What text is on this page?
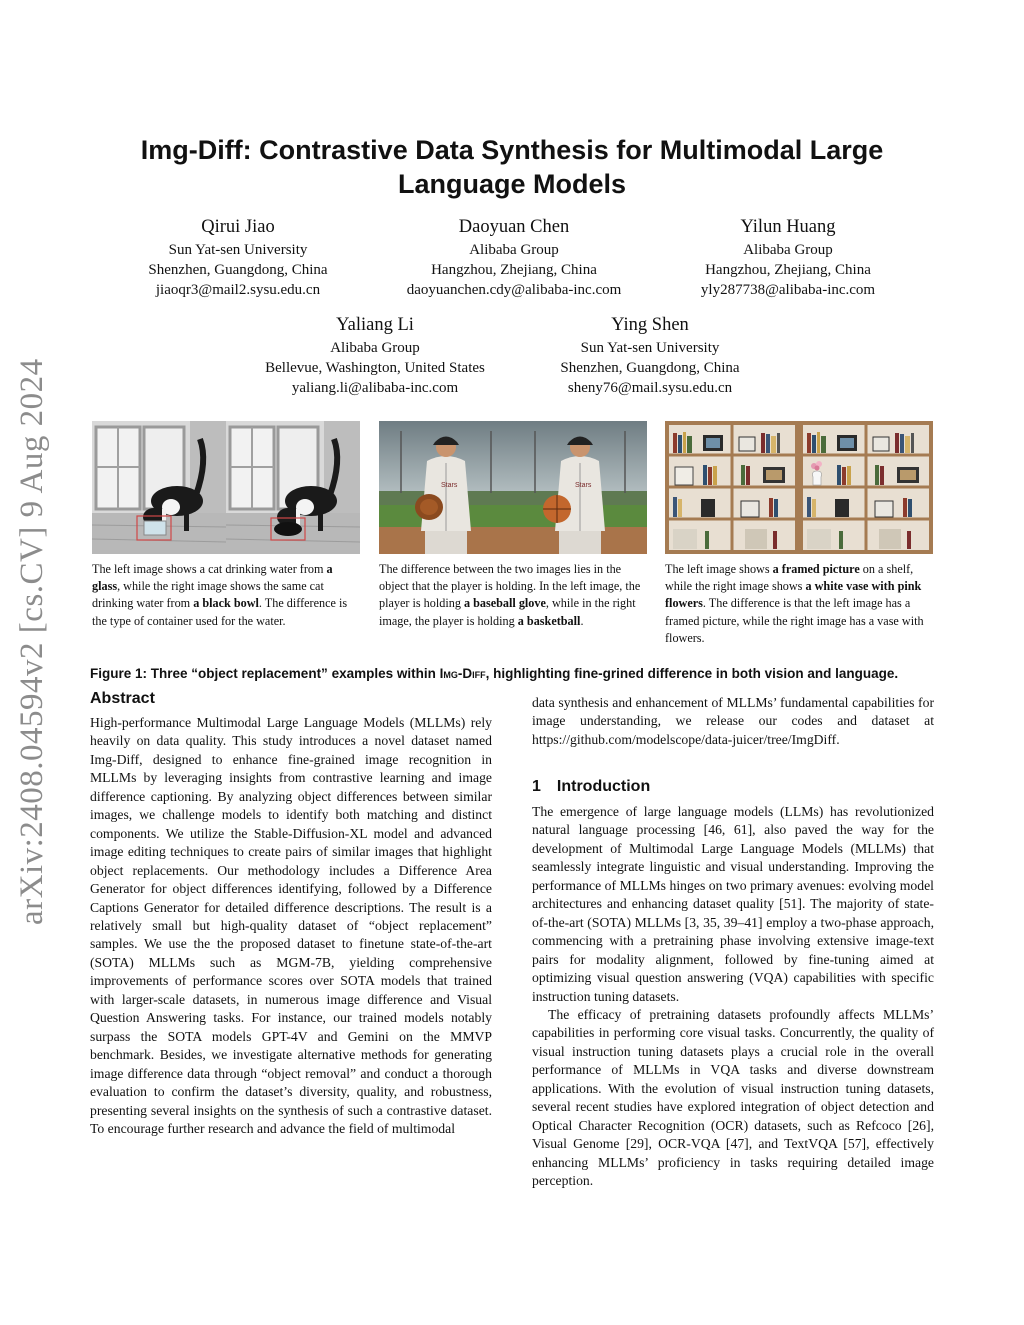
arXiv:2408.04594v2 [cs.CV] 9 Aug 2024
Img-Diff: Contrastive Data Synthesis for Multimodal Large
Language Models
Qirui Jiao
Sun Yat-sen University
Shenzhen, Guangdong, China
jiaoqr3@mail2.sysu.edu.cn
Daoyuan Chen
Alibaba Group
Hangzhou, Zhejiang, China
daoyuanchen.cdy@alibaba-inc.com
Yilun Huang
Alibaba Group
Hangzhou, Zhejiang, China
yly287738@alibaba-inc.com
Yaliang Li
Alibaba Group
Bellevue, Washington, United States
yaliang.li@alibaba-inc.com
Ying Shen
Sun Yat-sen University
Shenzhen, Guangdong, China
sheny76@mail.sysu.edu.cn
The left image shows a cat drinking water from a glass, while the right image shows the same cat drinking water from a black bowl. The difference is the type of container used for the water.
Stars	Stars
The difference between the two images lies in the object that the player is holding. In the left image, the player is holding a baseball glove, while in the right image, the player is holding a basketball.
The left image shows a framed picture on a shelf, while the right image shows a white vase with pink flowers. The difference is that the left image has a framed picture, while the right image has a vase with flowers.
Figure 1: Three “object replacement” examples within Img-Diff, highlighting fine-grined difference in both vision and language.
Abstract

High-performance Multimodal Large Language Models (MLLMs) rely heavily on data quality. This study introduces a novel dataset named Img-Diff, designed to enhance fine-grained image recognition in MLLMs by leveraging insights from contrastive learning and image difference captioning. By analyzing object differences between similar images, we challenge models to identify both matching and distinct components. We utilize the Stable-Diffusion-XL model and advanced image editing techniques to create pairs of similar images that highlight object replacements. Our methodology includes a Difference Area Generator for object differences identifying, followed by a Difference Captions Generator for detailed difference descriptions. The result is a relatively small but high-quality dataset of “object replacement” samples. We use the the proposed dataset to finetune state-of-the-art (SOTA) MLLMs such as MGM-7B, yielding comprehensive improvements of performance scores over SOTA models that trained with larger-scale datasets, in numerous image difference and Visual Question Answering tasks. For instance, our trained models notably surpass the SOTA models GPT-4V and Gemini on the MMVP benchmark. Besides, we investigate alternative methods for generating image difference data through “object removal” and conduct a thorough evaluation to confirm the dataset’s diversity, quality, and robustness, presenting several insights on the synthesis of such a contrastive dataset. To encourage further research and advance the field of multimodal

data synthesis and enhancement of MLLMs’ fundamental capabilities for image understanding, we release our codes and dataset at https://github.com/modelscope/data-juicer/tree/ImgDiff.

1 Introduction

The emergence of large language models (LLMs) has revolutionized natural language processing [46, 61], also paved the way for the development of Multimodal Large Language Models (MLLMs) that seamlessly integrate linguistic and visual understanding. Improving the performance of MLLMs hinges on two primary avenues: evolving model architectures and enhancing dataset quality [51]. The majority of state-of-the-art (SOTA) MLLMs [3, 35, 39–41] employ a two-phase approach, commencing with a pretraining phase involving extensive image-text pairs for modality alignment, followed by fine-tuning aimed at optimizing visual question answering (VQA) capabilities with specific instruction tuning datasets.

The efficacy of pretraining datasets profoundly affects MLLMs’ capabilities in performing core visual tasks. Concurrently, the quality of visual instruction tuning datasets plays a crucial role in the overall performance of MLLMs in VQA tasks and diverse downstream applications. With the evolution of visual instruction tuning datasets, several recent studies have explored integration of object detection and Optical Character Recognition (OCR) datasets, such as Refcoco [26], Visual Genome [29], OCR-VQA [47], and TextVQA [57], effectively enhancing MLLMs’ proficiency in tasks requiring detailed image perception.
